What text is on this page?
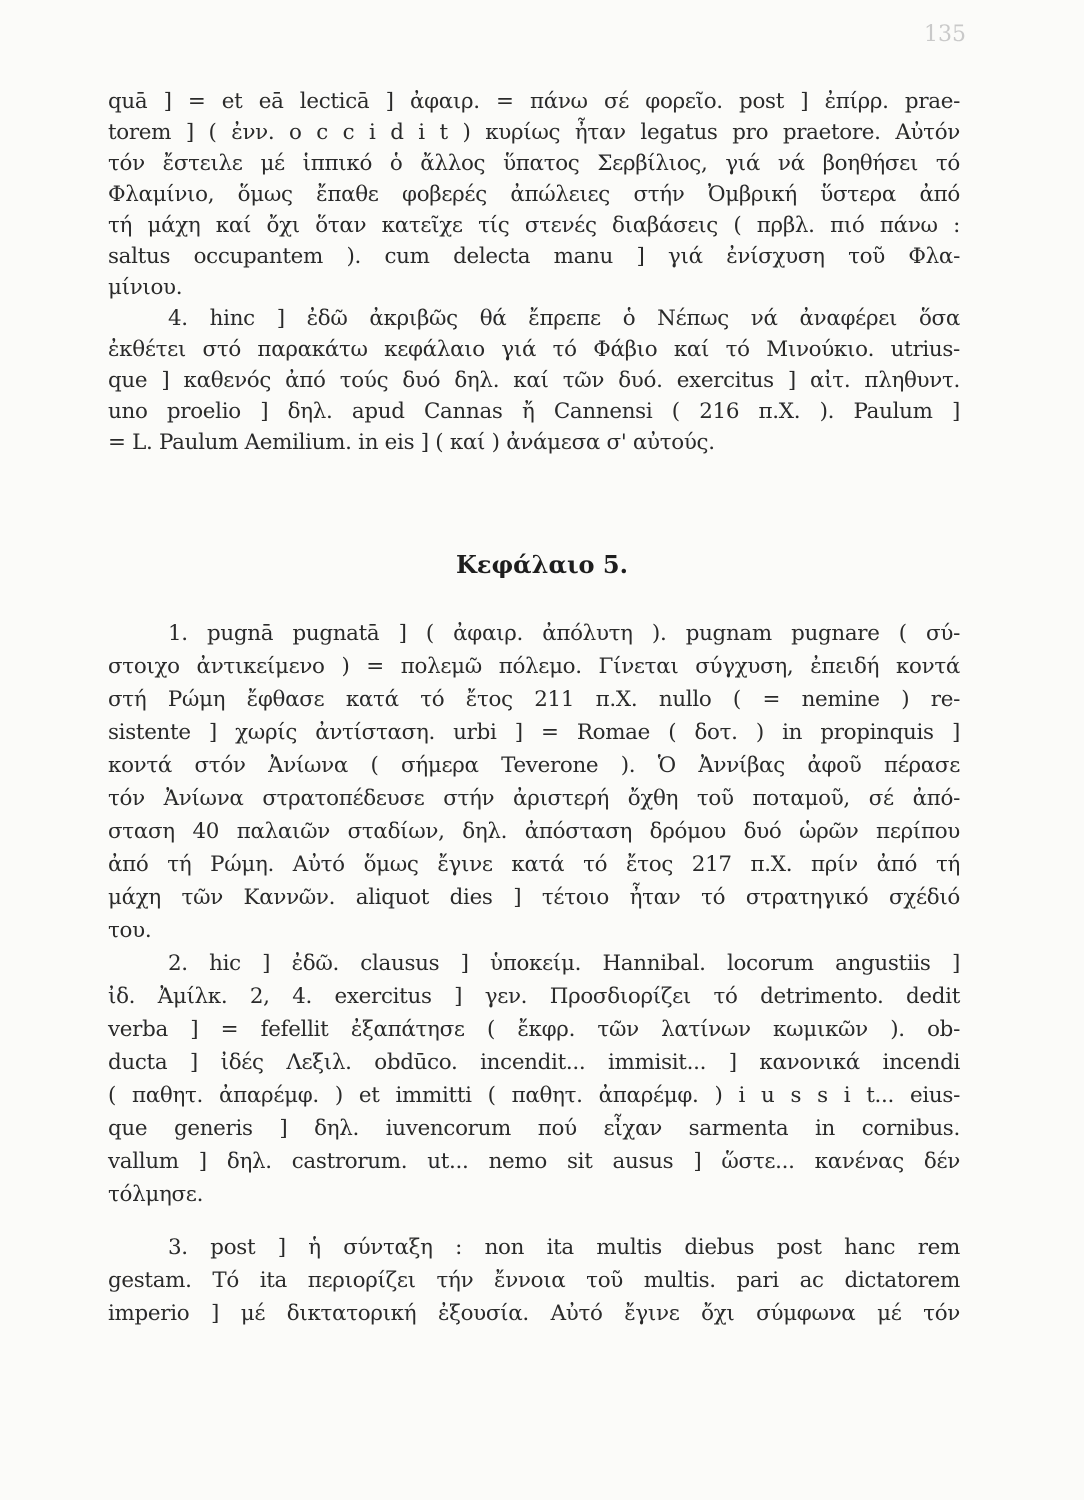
135
quā ] = et eā lecticā ] ἀφαιρ. = πάνω σέ φορεῖο. post ] ἐπίρρ. prae-
torem ] ( ἐνν. o c c i d i t ) κυρίως ἦταν legatus pro praetore. Αὐτόν
τόν ἔστειλε μέ ἱππικό ὁ ἄλλος ὕπατος Σερβίλιος, γιά νά βοηθήσει τό
Φλαμίνιο, ὅμως ἔπαθε φοβερές ἀπώλειες στήν Ὀμβρική ὕστερα ἀπό
τή μάχη καί ὄχι ὅταν κατεῖχε τίς στενές διαβάσεις ( πρβλ. πιό πάνω :
saltus occupantem ). cum delecta manu ] γιά ἐνίσχυση τοῦ Φλα-
μίνιου.
4. hinc ] ἐδῶ ἀκριβῶς θά ἔπρεπε ὁ Νέπως νά ἀναφέρει ὅσα
ἐκθέτει στό παρακάτω κεφάλαιο γιά τό Φάβιο καί τό Μινούκιο. utrius-
que ] καθενός ἀπό τούς δυό δηλ. καί τῶν δυό. exercitus ] αἰτ. πληθυντ.
uno proelio ] δηλ. apud Cannas ἤ Cannensi ( 216 π.Χ. ). Paulum ]
= L. Paulum Aemilium. in eis ] ( καί ) ἀνάμεσα σ' αὐτούς.
Κεφάλαιο 5.
1. pugnā pugnatā ] ( ἀφαιρ. ἀπόλυτη ). pugnam pugnare ( σύ-
στοιχο ἀντικείμενο ) = πολεμῶ πόλεμο. Γίνεται σύγχυση, ἐπειδή κοντά
στή Ρώμη ἔφθασε κατά τό ἔτος 211 π.Χ. nullo ( = nemine ) re-
sistente ] χωρίς ἀντίσταση. urbi ] = Romae ( δοτ. ) in propinquis ]
κοντά στόν Ἀνίωνα ( σήμερα Teverone ). Ὁ Ἀννίβας ἀφοῦ πέρασε
τόν Ἀνίωνα στρατοπέδευσε στήν ἀριστερή ὄχθη τοῦ ποταμοῦ, σέ ἀπό-
σταση 40 παλαιῶν σταδίων, δηλ. ἀπόσταση δρόμου δυό ὡρῶν περίπου
ἀπό τή Ρώμη. Αὐτό ὅμως ἔγινε κατά τό ἔτος 217 π.Χ. πρίν ἀπό τή
μάχη τῶν Καννῶν. aliquot dies ] τέτοιο ἦταν τό στρατηγικό σχέδιό
του.
2. hic ] ἐδῶ. clausus ] ὑποκείμ. Hannibal. locorum angustiis ]
ἰδ. Ἀμίλκ. 2, 4. exercitus ] γεν. Προσδιορίζει τό detrimento. dedit
verba ] = fefellit ἐξαπάτησε ( ἔκφρ. τῶν λατίνων κωμικῶν ). ob-
ducta ] ἰδές Λεξιλ. obdūco. incendit... immisit... ] κανονικά incendi
( παθητ. ἀπαρέμφ. ) et immitti ( παθητ. ἀπαρέμφ. ) i u s s i t... eius-
que generis ] δηλ. iuvencorum πού εἶχαν sarmenta in cornibus.
vallum ] δηλ. castrorum. ut... nemo sit ausus ] ὥστε... κανένας δέν
τόλμησε.
3. post ] ἡ σύνταξη : non ita multis diebus post hanc rem
gestam. Τό ita περιορίζει τήν ἔννοια τοῦ multis. pari ac dictatorem
imperio ] μέ δικτατορική ἐξουσία. Αὐτό ἔγινε ὄχι σύμφωνα μέ τόν
